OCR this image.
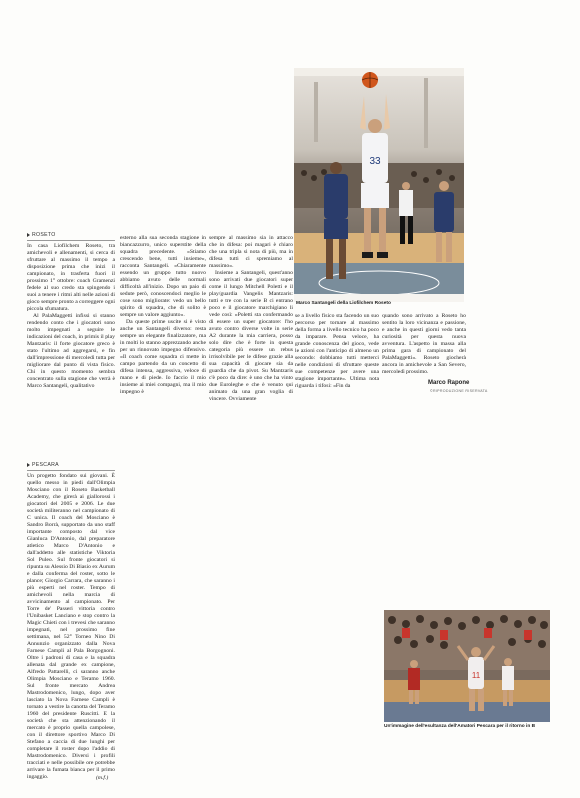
ROSETO

In casa Liofilchem Roseto, tra amichevoli e allenamenti, si cerca di sfruttare al massimo il tempo a disposizione prima che inizi il campionato, in trasferta fuori il prossimo 1° ottobre: coach Gramenzi fedele al suo credo sta spingendo i suoi a tenere i ritmi alti nelle azioni di gioco sempre pronto a correggere ogni piccola sfumatura.

Al PalaMaggetti infissi si stanno rendendo conto che i giocatori sono molto impegnati a seguire le indicazioni del coach, in primis il play Mantzaris: il forte giocatore greco è stato l'ultimo ad aggregarsi, e fin dall'impressione di mercoledì tutta per migliorare dal punto di vista fisico. Chi in questo momento sembra concentrato sulla stagione che verrà è Marco Santangeli, qualitativo

esterno alla sua seconda stagione in biancazzurro, unico superstite della squadra precedente. «Stiamo crescendo bene, tutti insieme», racconta Santangeli. «Chiaramente essendo un gruppo tutto nuovo abbiamo avuto delle normali difficoltà all'inizio. Dopo un paio di sedute però, conoscendoci meglio le cose sono migliorate: vedo un bello spirito di squadra, che di solito è sempre un valore aggiunto».

Da queste prime uscite si è visto anche un Santangeli diverso: resta sempre un elegante finalizzatore, ma in molti lo stanno apprezzando anche per un rinnovato impegno difensivo. «Il coach come squadra ci mette in campo partendo da un concetto di difesa intensa, aggressiva, veloce di mano e di piede. Io faccio il mio insieme ai miei compagni, ma il mio impegno è

sempre al massimo sia in attacco che in difesa: poi magari è chiaro che una tripla si nota di più, ma in difesa tutti ci spremiamo al massimo».

Insieme a Santangeli, quest'anno sono arrivati due giocatori super come il lungo Mitchell Poletti e il play/guardia Vangelis Mantzaris: tutti e tre con la serie B ci entrano poco e il giocatore marchigiano li vede così: «Poletti sta confermando di essere un super giocatore: l'ho avuto contro diverse volte in serie A2 durante la mia carriera, posso solo dire che è forte in questa categoria più essere un rebus irrisolvibile per le difese grazie alla sua capacità di giocare sia da guardia che da pivot. Su Mantzaris c'è poco da dire: è uno che ha vinto due Euroleghe e che è venuto qui animato da una gran voglia di vincere. Ovviamente

33
Marco Santangeli della Liofilchem Roseto

se a livello fisico sta facendo un suo percorso per tornare al massimo della forma a livello tecnico ha poco da imparare. Pensa veloce, ha grande conoscenza del gioco, vede le azioni con l'anticipo di almeno un secondo: dobbiamo tutti metterci nelle condizioni di sfruttare queste sue competenze per avere una stagione importante». Ultima nota riguarda i tifosi: «Fin da

quando sono arrivato a Roseto ho sentito la loro vicinanza e passione, e anche in questi giorni vedo tanta curiosità per questa nuova avventura. L'aspetto in massa alla prima gara di campionato del PalaMaggetti». Roseto giocherà ancora in amichevole a San Severo, mercoledì prossimo.

Marco Rapone
©RIPRODUZIONE RISERVATA
PESCARA

Un progetto fondato sui giovani. È quello messo in piedi dall'Olimpia Mosciano con il Roseto Basketball Academy, che girerà ai giallorossi i giocatori del 2005 e 2006. Le due società militeranno nel campionato di C unica. Il coach del Mosciano è Sandro Borrà, supportato da uno staff importante composto dal vice Gianluca D'Antonio, dal preparatore atletico Marco D'Antonio e dall'addetto alle statistiche Viktoria Sol Puleo. Sul fronte giocatori si ripunta su Alessio Di Biasio ex Aurum e dalla conferma del roster, sotto le plance; Giorgio Carrara, che saranno i più esperti nel roster. Tempo di amichevoli nella marcia di avvicinamento al campionato. Per Torre de' Passeri vittoria contro l'Unibasket Lanciano e stop contro la Magic Chieti con i trevesi che saranno impegnati, nel prossimo fine settimana, nel 52° Torneo Nino Di Annunzio organizzato dalla Nova Farnese Campli al Pala Borgognoni. Oltre i padroni di casa e la squadra allenata dal grande ex campione, Alfredo Pattarelli, ci saranno anche Olimpia Mosciano e Teramo 1960. Sul fronte mercato Andrea Mastrodomenico, lungo, dopo aver lasciato la Nova Farnese Campli è tornato a vestire la canotta del Teramo 1960 del presidente Ruscitti. E la società che sta attenzionando il mercato è proprio quella campolese, con il direttore sportivo Marco Di Stefano a caccia di due lunghi per completare il roster dopo l'addio di Mastrodomenico. Diversi i profili tracciati e nelle possibile ore potrebbe arrivare la fumata bianca per il primo ingaggio.	(m.f.)
11
Un'immagine dell'esultanza dell'Amatori Pescara per il ritorno in B
